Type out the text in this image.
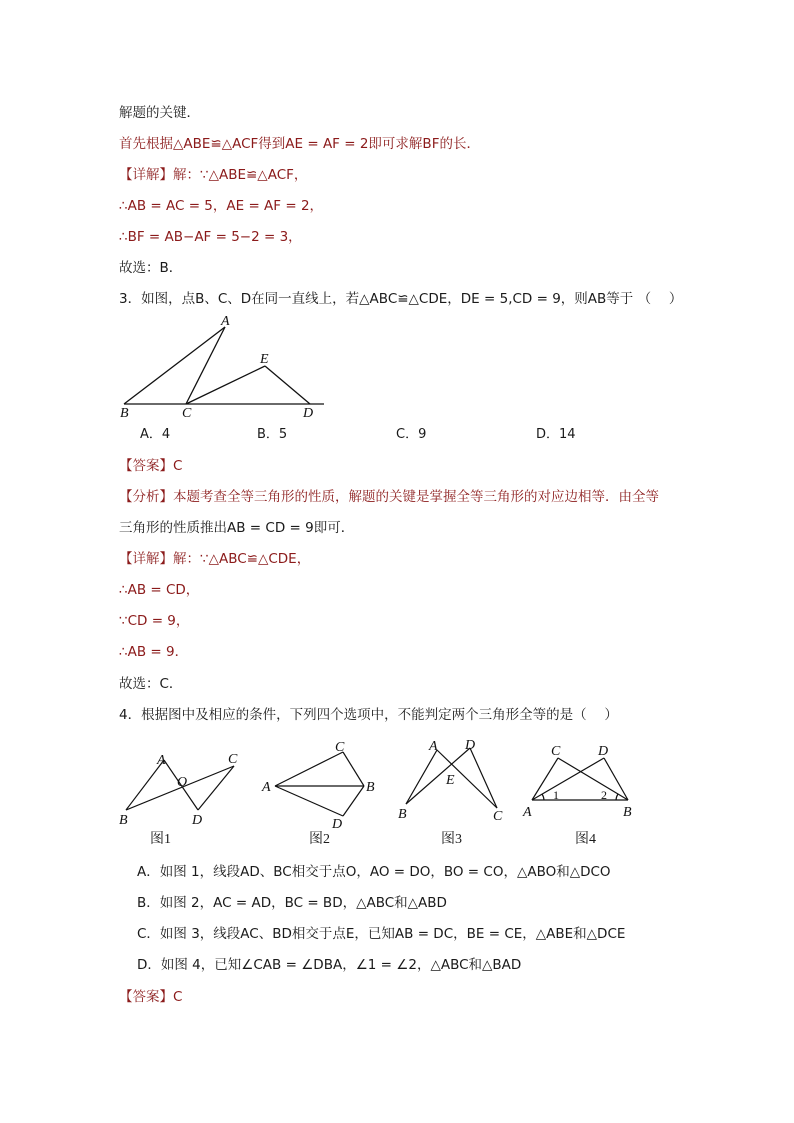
解题的关键．
首先根据△ABE≌△ACF得到AE = AF = 2即可求解BF的长．
【详解】解：∵△ABE≌△ACF，
∴AB = AC = 5，AE = AF = 2，
∴BF = AB−AF = 5−2 = 3，
故选：B．
3．如图，点B、C、D在同一直线上，若△ABC≌△CDE，DE = 5,CD = 9，则AB等于 （　 ）
A
B	C	D
E
A．4	B．5	C．9	D．14
【答案】C
【分析】本题考查全等三角形的性质，解题的关键是掌握全等三角形的对应边相等．由全等
三角形的性质推出AB = CD = 9即可．
【详解】解：∵△ABC≌△CDE，
∴AB = CD，
∵CD = 9，
∴AB = 9．
故选：C．
4．根据图中及相应的条件，下列四个选项中，不能判定两个三角形全等的是（　 ）
A
B
C
D
O
图1
A	B
C
D
图2
A
B	C
D
E
图3
C	D
A	B
1	2
图4
A．如图 1，线段AD、BC相交于点O，AO = DO，BO = CO，△ABO和△DCO
B．如图 2，AC = AD，BC = BD，△ABC和△ABD
C．如图 3，线段AC、BD相交于点E，已知AB = DC，BE = CE，△ABE和△DCE
D．如图 4，已知∠CAB = ∠DBA，∠1 = ∠2，△ABC和△BAD
【答案】C
